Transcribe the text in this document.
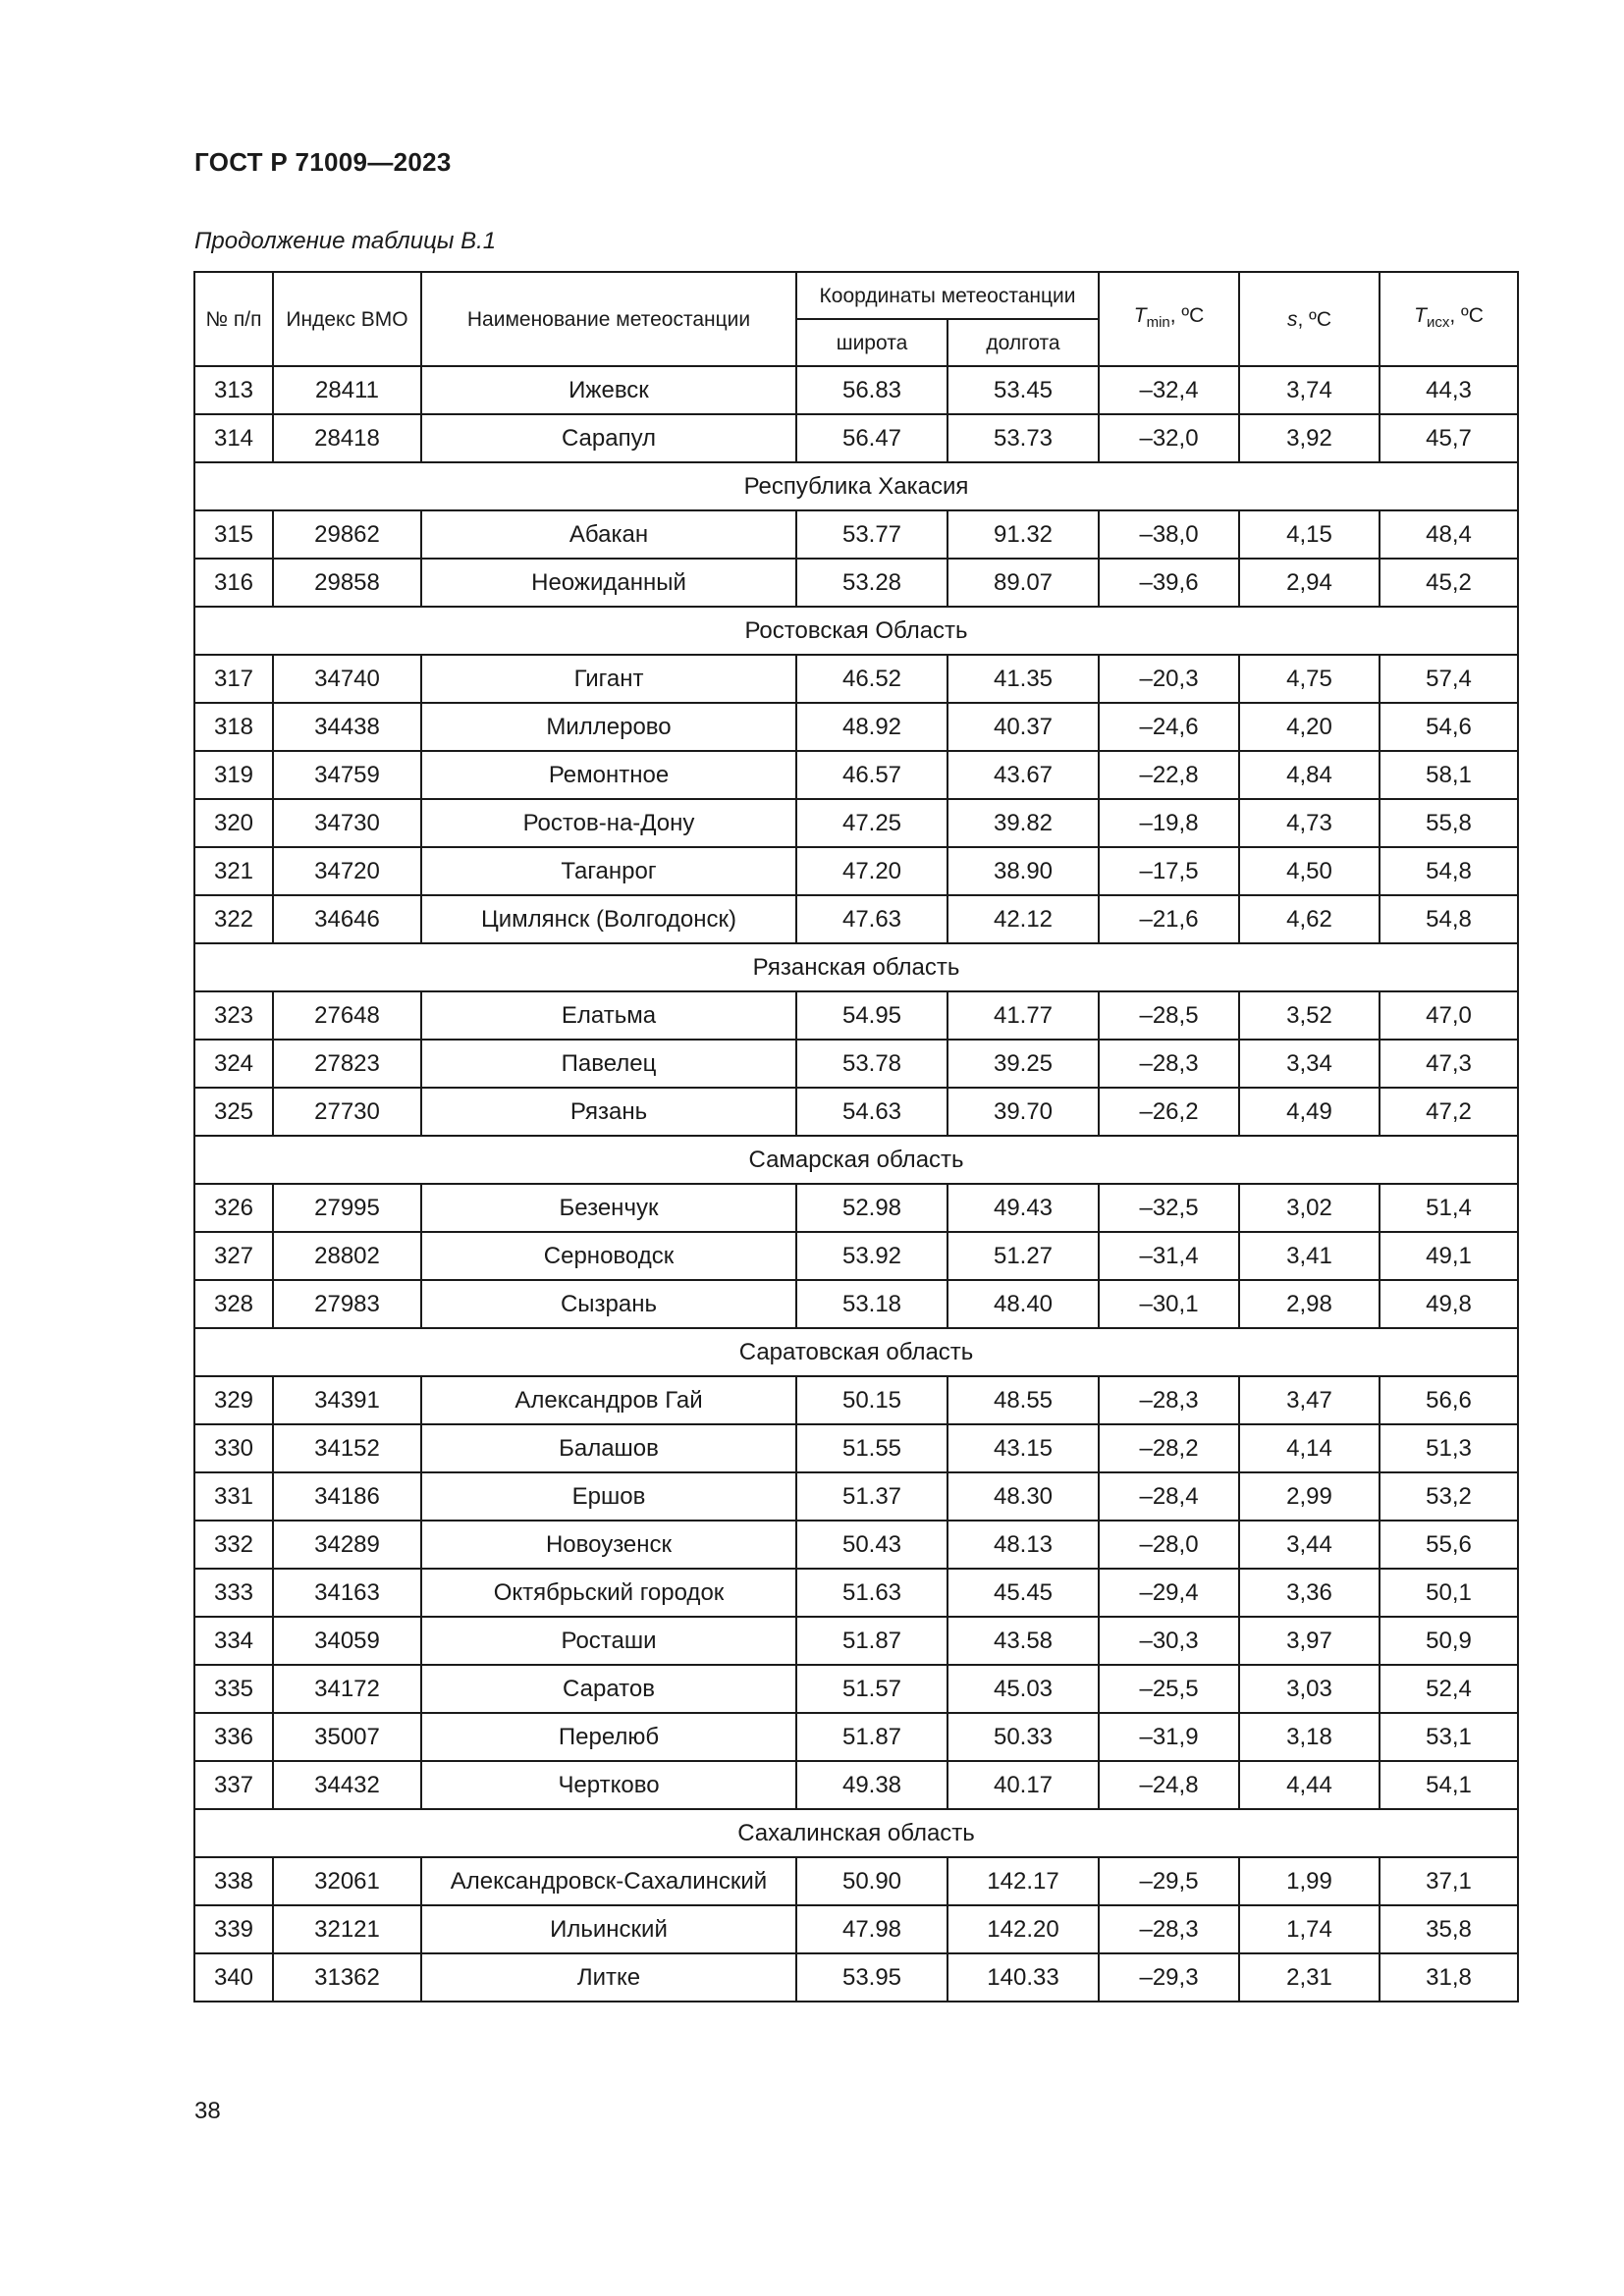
ГОСТ Р 71009—2023
Продолжение таблицы В.1
№ п/п	Индекс ВМО	Наименование метеостанции	Координаты метеостанции		$T_{min}$, ºC	s, ºC	$T_{исх}$, ºC
			широта	долгота			
313	28411	Ижевск	56.83	53.45	–32,4	3,74	44,3
314	28418	Сарапул	56.47	53.73	–32,0	3,92	45,7
Республика Хакасия							
315	29862	Абакан	53.77	91.32	–38,0	4,15	48,4
316	29858	Неожиданный	53.28	89.07	–39,6	2,94	45,2
Ростовская Область							
317	34740	Гигант	46.52	41.35	–20,3	4,75	57,4
318	34438	Миллерово	48.92	40.37	–24,6	4,20	54,6
319	34759	Ремонтное	46.57	43.67	–22,8	4,84	58,1
320	34730	Ростов-на-Дону	47.25	39.82	–19,8	4,73	55,8
321	34720	Таганрог	47.20	38.90	–17,5	4,50	54,8
322	34646	Цимлянск (Волгодонск)	47.63	42.12	–21,6	4,62	54,8
Рязанская область							
323	27648	Елатьма	54.95	41.77	–28,5	3,52	47,0
324	27823	Павелец	53.78	39.25	–28,3	3,34	47,3
325	27730	Рязань	54.63	39.70	–26,2	4,49	47,2
Самарская область							
326	27995	Безенчук	52.98	49.43	–32,5	3,02	51,4
327	28802	Серноводск	53.92	51.27	–31,4	3,41	49,1
328	27983	Сызрань	53.18	48.40	–30,1	2,98	49,8
Саратовская область							
329	34391	Александров Гай	50.15	48.55	–28,3	3,47	56,6
330	34152	Балашов	51.55	43.15	–28,2	4,14	51,3
331	34186	Ершов	51.37	48.30	–28,4	2,99	53,2
332	34289	Новоузенск	50.43	48.13	–28,0	3,44	55,6
333	34163	Октябрьский городок	51.63	45.45	–29,4	3,36	50,1
334	34059	Росташи	51.87	43.58	–30,3	3,97	50,9
335	34172	Саратов	51.57	45.03	–25,5	3,03	52,4
336	35007	Перелюб	51.87	50.33	–31,9	3,18	53,1
337	34432	Чертково	49.38	40.17	–24,8	4,44	54,1
Сахалинская область							
338	32061	Александровск-Сахалинский	50.90	142.17	–29,5	1,99	37,1
339	32121	Ильинский	47.98	142.20	–28,3	1,74	35,8
340	31362	Литке	53.95	140.33	–29,3	2,31	31,8
38
